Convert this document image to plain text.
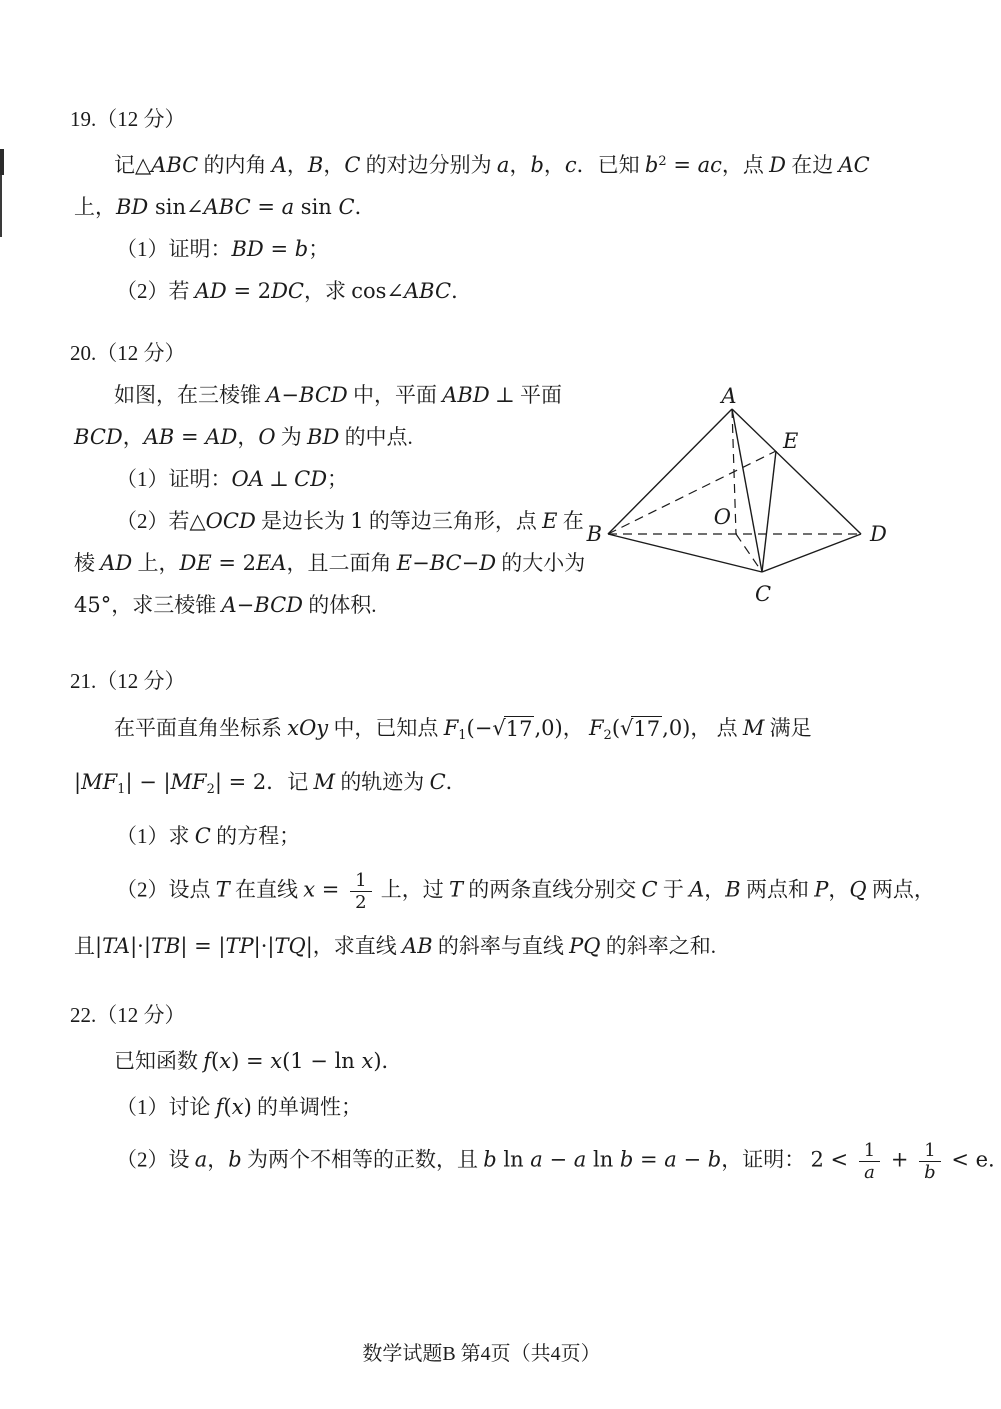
19.（12 分）
记△ABC 的内角 A，B，C 的对边分别为 a，b，c．已知 $b^2$ = ac，点 D 在边 AC
上，BD sin∠ABC = a sin C．
（1）证明：BD = b；
（2）若 AD = 2DC，求 cos∠ABC．
20.（12 分）
如图，在三棱锥 A−BCD 中，平面 ABD ⊥ 平面
BCD，AB = AD，O 为 BD 的中点.
（1）证明：OA ⊥ CD；
（2）若△OCD 是边长为 1 的等边三角形，点 E 在
棱 AD 上，DE = 2EA，且二面角 E−BC−D 的大小为
45°，求三棱锥 A−BCD 的体积.
21.（12 分）
在平面直角坐标系 xOy 中，已知点 $F_1(-$ √ 17 ,0)， $F_2$( √ 17 ,0)， 点 M 满足
$|MF_1| - |MF_2| = 2$．记 M 的轨迹为 C．
（1）求 C 的方程；
（2）设点 T 在直线 $x = \frac{1}{2}$ 上，过 T 的两条直线分别交 C 于 A，B 两点和 P，Q 两点，
且|TA|·|TB| = |TP|·|TQ|，求直线 AB 的斜率与直线 PQ 的斜率之和.
22.（12 分）
已知函数 f(x) = x(1 − ln x)．
（1）讨论 f(x) 的单调性；
（2）设 a，b 为两个不相等的正数，且 b ln a − a ln b = a − b，证明： $2 < \frac{1}{a} + \frac{1}{b} < e$.
A
B
C
D
E
O
数学试题B 第4页（共4页）
